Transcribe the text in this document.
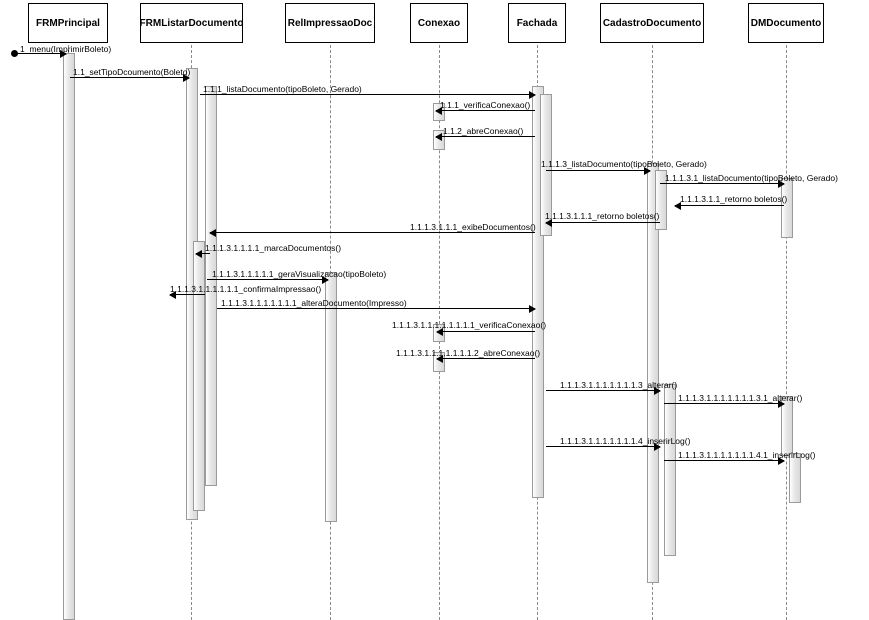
FRMPrincipal	FRMListarDocumento	RelImpressaoDoc	Conexao	Fachada	CadastroDocumento	DMDocumento
1_menu(ImprimirBoleto)
1.1_setTipoDcoumento(Boleto)
1.1.1_listaDocumento(tipoBoleto, Gerado)
1.1.1_verificaConexao()
1.1.2_abreConexao()
1.1.1.3_listaDocumento(tipoBoleto, Gerado)
1.1.1.3.1_listaDocumento(tipoBoleto, Gerado)
1.1.1.3.1.1_retorno boletos()
1.1.1.3.1.1.1_retorno boletos()
1.1.1.3.1.1.1_exibeDocumentos()
1.1.1.3.1.1.1.1_marcaDocumentos()
1.1.1.3.1.1.1.1.1_geraVisualizacao(tipoBoleto)
1.1.1.3.1.1.1.1.1.1_confirmaImpressao()
1.1.1.3.1.1.1.1.1.1.1_alteraDocumento(Impresso)
1.1.1.3.1.1.1.1.1.1.1.1_verificaConexao()
1.1.1.3.1.1.1.1.1.1.1.2_abreConexao()
1.1.1.3.1.1.1.1.1.1.1.3_alterar()
1.1.1.3.1.1.1.1.1.1.1.3.1_alterar()
1.1.1.3.1.1.1.1.1.1.1.4_inserirLog()
1.1.1.3.1.1.1.1.1.1.1.4.1_inserirLog()
